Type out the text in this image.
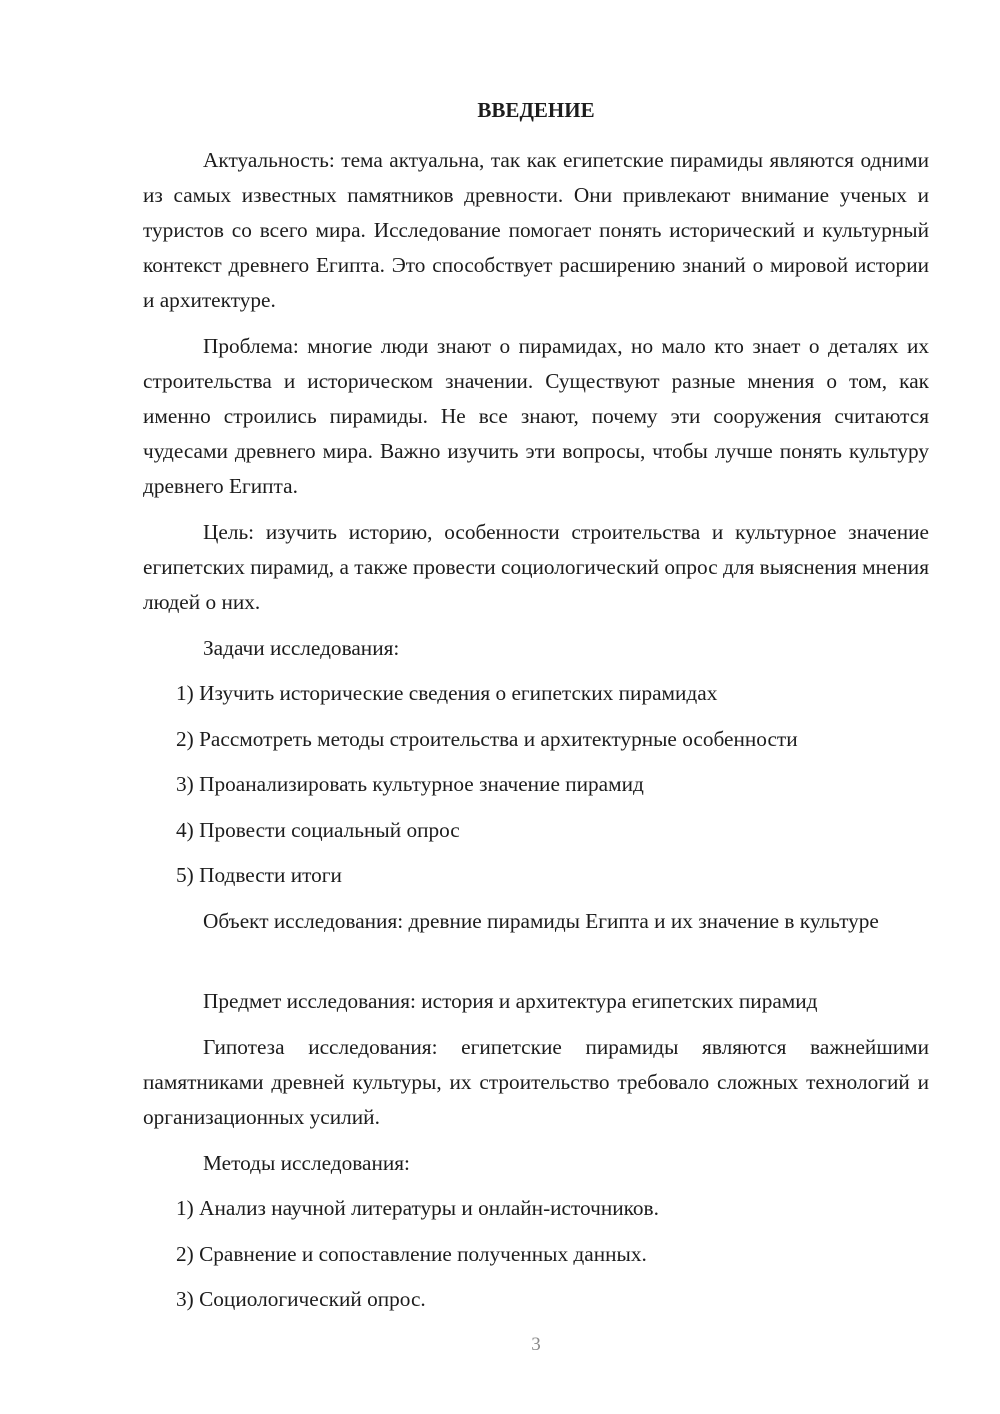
ВВЕДЕНИЕ

Актуальность: тема актуальна, так как египетские пирамиды являются одними из самых известных памятников древности. Они привлекают внимание ученых и туристов со всего мира. Исследование помогает понять исторический и культурный контекст древнего Египта. Это способствует расширению знаний о мировой истории и архитектуре.

Проблема: многие люди знают о пирамидах, но мало кто знает о деталях их строительства и историческом значении. Существуют разные мнения о том, как именно строились пирамиды. Не все знают, почему эти сооружения считаются чудесами древнего мира. Важно изучить эти вопросы, чтобы лучше понять культуру древнего Египта.

Цель: изучить историю, особенности строительства и культурное значение египетских пирамид, а также провести социологический опрос для выяснения мнения людей о них.

Задачи исследования:

1) Изучить исторические сведения о египетских пирамидах

2) Рассмотреть методы строительства и архитектурные особенности

3) Проанализировать культурное значение пирамид

4) Провести социальный опрос

5) Подвести итоги

Объект исследования: древние пирамиды Египта и их значение в культуре

Предмет исследования: история и архитектура египетских пирамид

Гипотеза исследования: египетские пирамиды являются важнейшими памятниками древней культуры, их строительство требовало сложных технологий и организационных усилий.

Методы исследования:

1) Анализ научной литературы и онлайн-источников.

2) Сравнение и сопоставление полученных данных.

3) Социологический опрос.

3
